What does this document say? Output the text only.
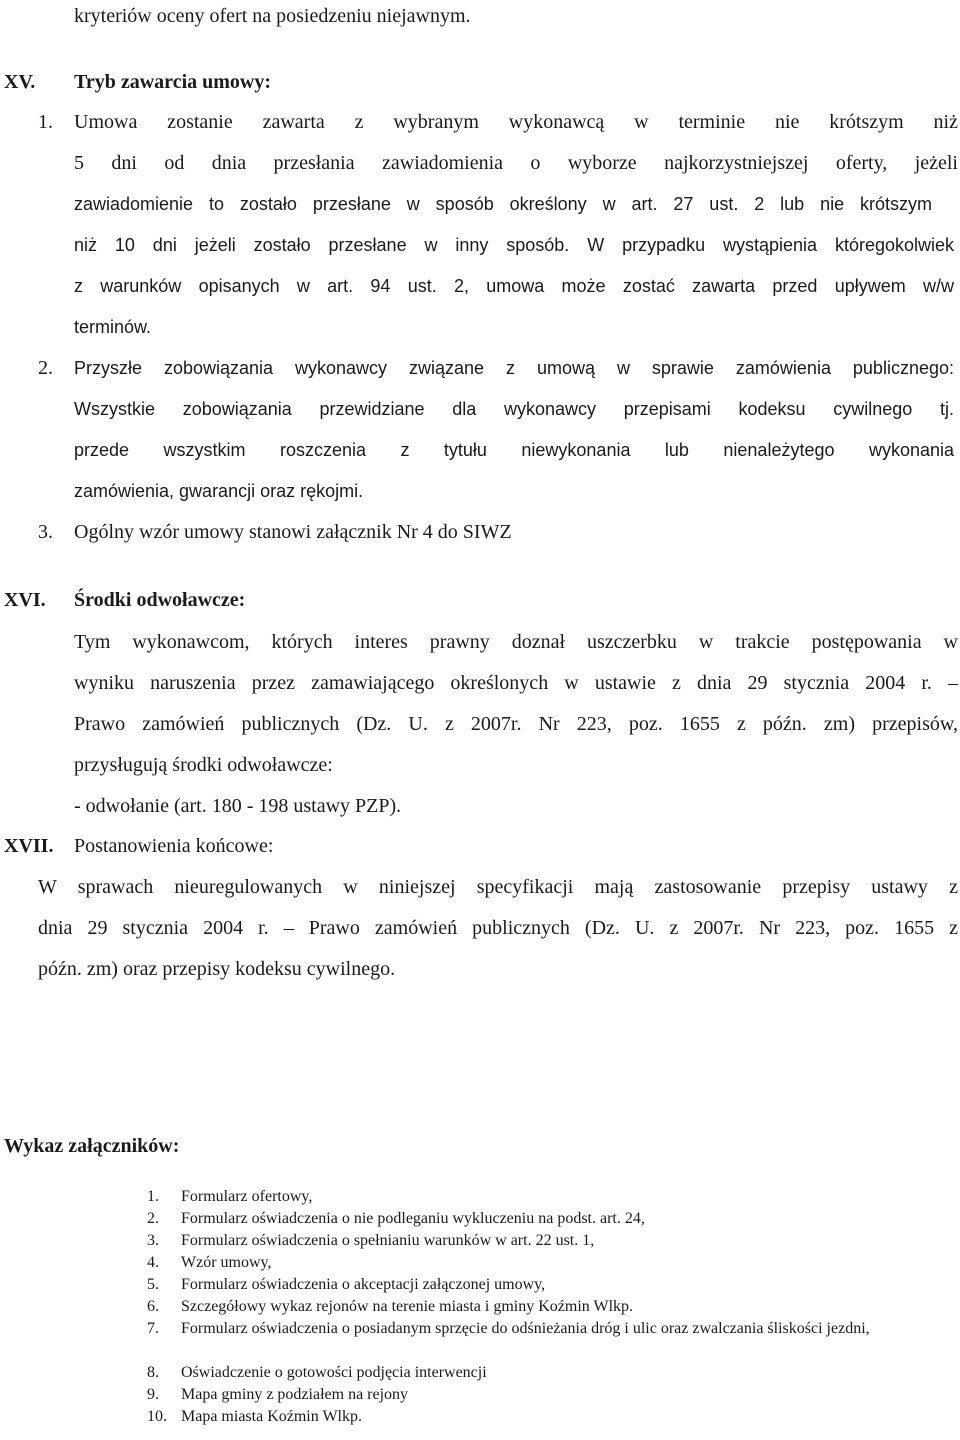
kryteriów oceny ofert na posiedzeniu niejawnym.
XV. Tryb zawarcia umowy:
1. Umowa zostanie zawarta z wybranym wykonawcą w terminie nie krótszym niż
5 dni od dnia przesłania zawiadomienia o wyborze najkorzystniejszej oferty, jeżeli
zawiadomienie to zostało przesłane w sposób określony w art. 27 ust. 2 lub nie krótszym
niż 10 dni jeżeli zostało przesłane w inny sposób. W przypadku wystąpienia któregokolwiek
z warunków opisanych w art. 94 ust. 2, umowa może zostać zawarta przed upływem w/w
terminów.
2. Przyszłe zobowiązania wykonawcy związane z umową w sprawie zamówienia publicznego:
Wszystkie zobowiązania przewidziane dla wykonawcy przepisami kodeksu cywilnego tj.
przede wszystkim roszczenia z tytułu niewykonania lub nienależytego wykonania
zamówienia, gwarancji oraz rękojmi.
3. Ogólny wzór umowy stanowi załącznik Nr 4 do SIWZ
XVI. Środki odwoławcze:
Tym wykonawcom, których interes prawny doznał uszczerbku w trakcie postępowania w
wyniku naruszenia przez zamawiającego określonych w ustawie z dnia 29 stycznia 2004 r. –
Prawo zamówień publicznych (Dz. U. z 2007r. Nr 223, poz. 1655 z późn. zm) przepisów,
przysługują środki odwoławcze:
- odwołanie (art. 180 - 198 ustawy PZP).
XVII. Postanowienia końcowe:
W sprawach nieuregulowanych w niniejszej specyfikacji mają zastosowanie przepisy ustawy z
dnia 29 stycznia 2004 r. – Prawo zamówień publicznych (Dz. U. z 2007r. Nr 223, poz. 1655 z
późn. zm) oraz przepisy kodeksu cywilnego.
Wykaz załączników:
1.	Formularz ofertowy,
2.	Formularz oświadczenia o nie podleganiu wykluczeniu na podst. art. 24,
3.	Formularz oświadczenia o spełnianiu warunków w art. 22 ust. 1,
4.	Wzór umowy,
5.	Formularz oświadczenia o akceptacji załączonej umowy,
6.	Szczegółowy wykaz rejonów na terenie miasta i gminy Koźmin Wlkp.
7.	Formularz oświadczenia o posiadanym sprzęcie do odśnieżania dróg i ulic oraz zwalczania śliskości jezdni,
8.	Oświadczenie o gotowości podjęcia interwencji
9.	Mapa gminy z podziałem na rejony
10. Mapa miasta Koźmin Wlkp.
